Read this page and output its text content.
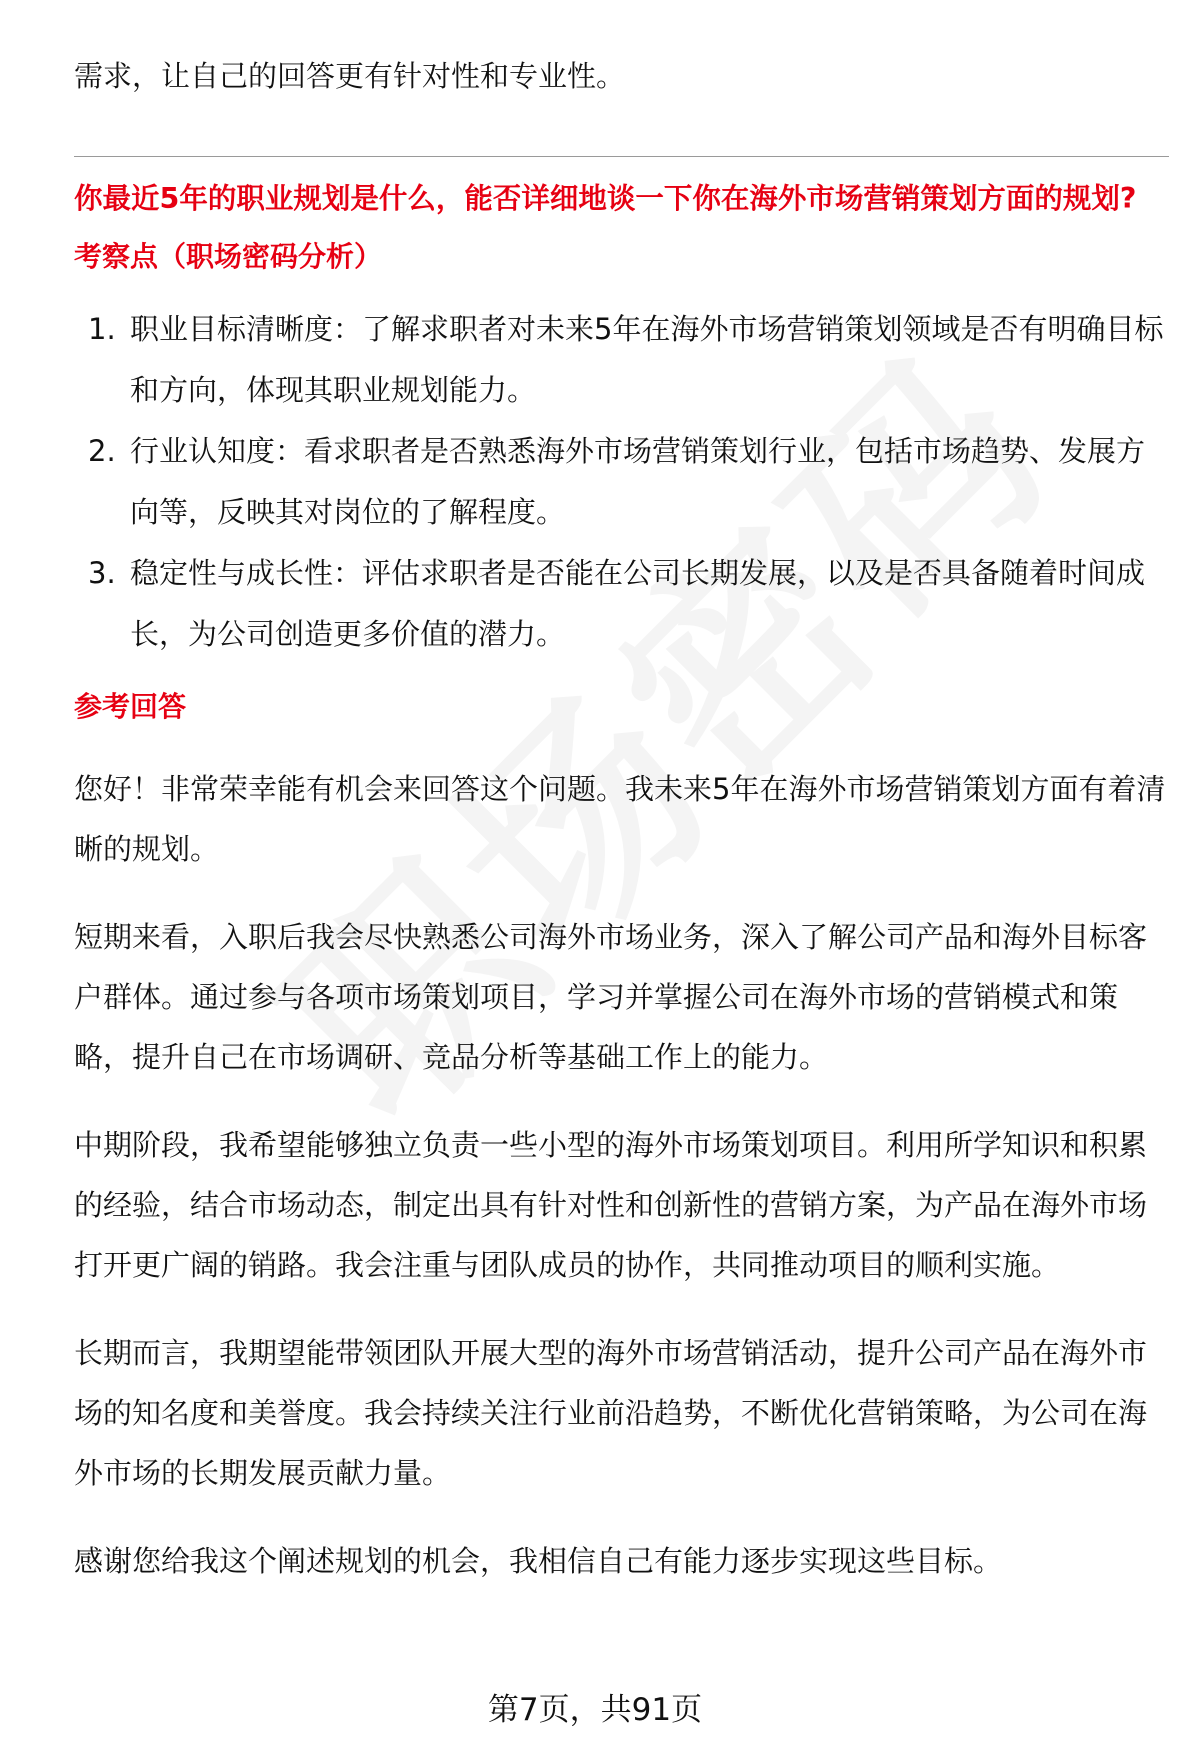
需求，让自己的回答更有针对性和专业性。

你最近5年的职业规划是什么，能否详细地谈一下你在海外市场营销策划方面的规划?

考察点（职场密码分析）

1. 职业目标清晰度：了解求职者对未来5年在海外市场营销策划领域是否有明确目标和方向，体现其职业规划能力。
2. 行业认知度：看求职者是否熟悉海外市场营销策划行业，包括市场趋势、发展方向等，反映其对岗位的了解程度。
3. 稳定性与成长性：评估求职者是否能在公司长期发展，以及是否具备随着时间成长，为公司创造更多价值的潜力。

参考回答

您好！非常荣幸能有机会来回答这个问题。我未来5年在海外市场营销策划方面有着清晰的规划。

短期来看，入职后我会尽快熟悉公司海外市场业务，深入了解公司产品和海外目标客户群体。通过参与各项市场策划项目，学习并掌握公司在海外市场的营销模式和策略，提升自己在市场调研、竞品分析等基础工作上的能力。

中期阶段，我希望能够独立负责一些小型的海外市场策划项目。利用所学知识和积累的经验，结合市场动态，制定出具有针对性和创新性的营销方案，为产品在海外市场打开更广阔的销路。我会注重与团队成员的协作，共同推动项目的顺利实施。

长期而言，我期望能带领团队开展大型的海外市场营销活动，提升公司产品在海外市场的知名度和美誉度。我会持续关注行业前沿趋势，不断优化营销策略，为公司在海外市场的长期发展贡献力量。

感谢您给我这个阐述规划的机会，我相信自己有能力逐步实现这些目标。

第7页，共91页
